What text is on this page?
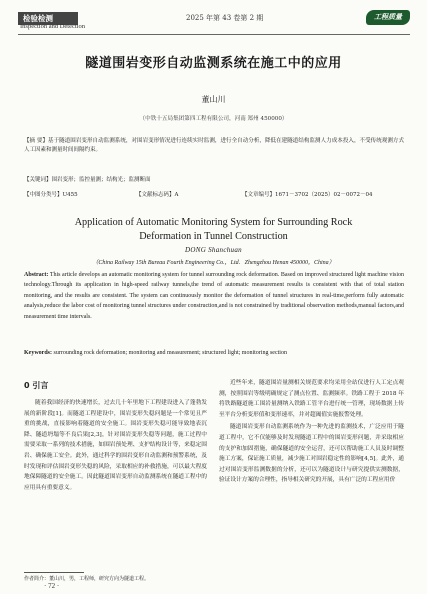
检验检测
Inspection and Detection
2025 年第 43 卷第 2 期	工程质量
隧道围岩变形自动监测系统在施工中的应用
董山川
（中铁十五局集团第四工程有限公司，河南 郑州 450000）
【摘 要】基于隧道围岩变形自动监测系统，对围岩变形情况进行连续实时监测，进行全自动分析，降低在建隧道结构监测人力成本投入，不受传统观测方式人工因素和测量时间间隔约束。
【关键词】围岩变形；监控量测；结构光；监测断面
【中图分类号】U455	【文献标志码】A	【文章编号】1671－3702（2025）02－0072－04
Application of Automatic Monitoring System for Surrounding Rock
Deformation in Tunnel Construction
DONG Shanchuan
（China Railway 15th Bureau Fourth Engineering Co.，Ltd．Zhengzhou Henan 450000，China）
Abstract: This article develops an automatic monitoring system for tunnel surrounding rock deformation. Based on improved structured light machine vision technology.Through its application in high-speed railway tunnels,the trend of automatic measurement results is consistent with that of total station monitoring, and the results are consistent. The system can continuously monitor the deformation of tunnel structures in real-time,perform fully automatic analysis,reduce the labor cost of monitoring tunnel structures under construction,and is not constrained by traditional observation methods,manual factors,and measurement time intervals.
Keywords: surrounding rock deformation; monitoring and measurement; structured light; monitoring section
0 引言

随着我国经济的快速增长，过去几十年里地下工程建设进入了蓬勃发展的新阶段[1]。而隧道工程建设中，围岩变形失稳问题是一个常见且严重的挑战，直接影响着隧道的安全施工。围岩变形失稳可能导致地表沉降、隧道坍塌等不良后果[2,3]，针对围岩变形失稳等问题，施工过程中需要采取一系列的技术措施，如围岩预处理、支护结构设计等，来稳定围岩、确保施工安全。此外，通过科学的围岩变形自动监测和预警系统，及时发现和评估围岩变形失稳的风险，采取相应的补救措施，可以最大程度地保障隧道的安全施工。因此隧道围岩变形自动监测系统在隧道工程中的应用具有重要意义。

近些年来，隧道围岩量测相关规范要求均采用全站仪进行人工定点观测，按照围岩等级明确规定了测点位置、监测频率。铁路工程于 2018 年将铁路隧道施工围岩量测纳入铁路工管平台进行统一管理，现场数据上传至平台分析变形值和变形速率，并对超阈值实施报警处理。

隧道围岩变形自动监测系统作为一种先进的监测技术，广泛应用于隧道工程中，它不仅能够及时发现隧道工程中的围岩变形问题，并采取相应的支护和加固措施，确保隧道的安全运营，还可以帮助施工人员及时调整施工方案，保证施工质量，减少施工对围岩稳定性的影响[4,5]。此外，通过对围岩变形监测数据的分析，还可以为隧道设计与研究提供实测数据，验证设计方案的合理性，指导相关研究的开展，具有广泛的工程应用价

作者简介：董山川，男，工程师，研究方向为隧道工程。
· 72 ·
